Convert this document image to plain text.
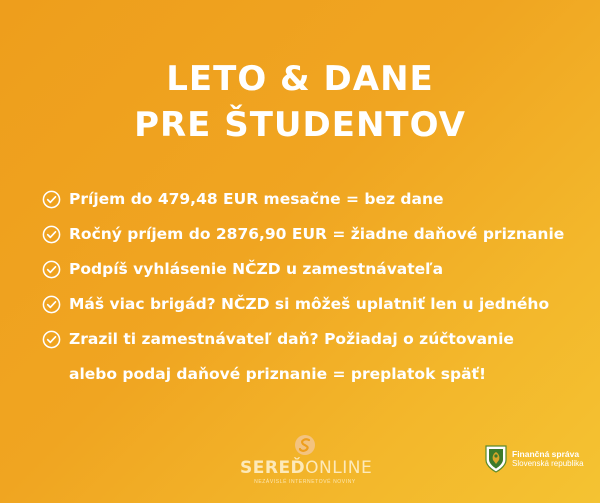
LETO & DANE
PRE ŠTUDENTOV
Príjem do 479,48 EUR mesačne = bez dane
Ročný príjem do 2876,90 EUR = žiadne daňové priznanie
Podpíš vyhlásenie NČZD u zamestnávateľa
Máš viac brigád? NČZD si môžeš uplatniť len u jedného
Zrazil ti zamestnávateľ daň? Požiadaj o zúčtovanie
alebo podaj daňové priznanie = preplatok späť!
SEREĎONLINE
NEZÁVISLÉ INTERNETOVÉ NOVINY
Finančná správa
Slovenská republika
